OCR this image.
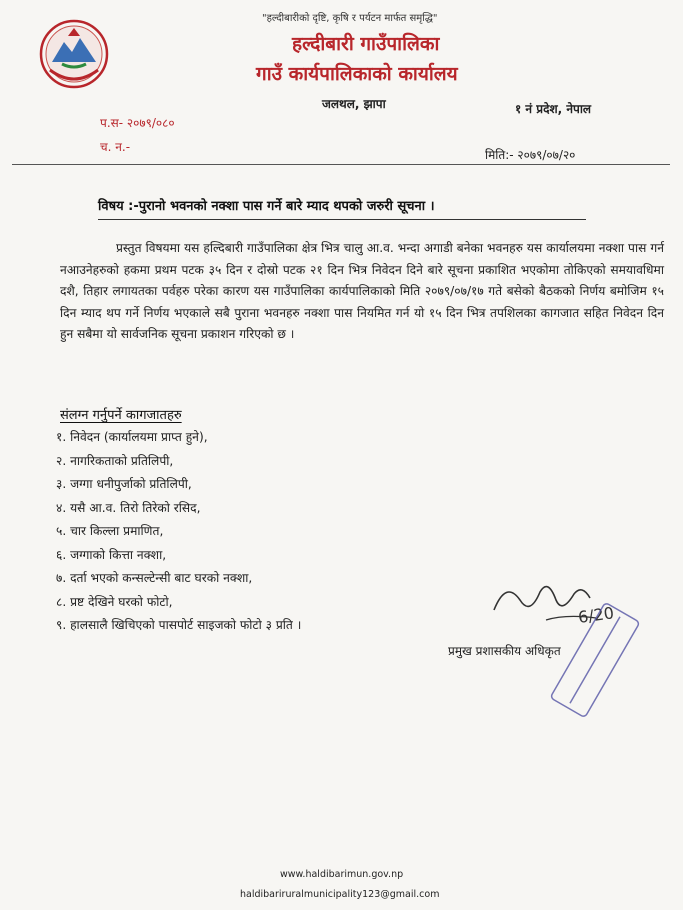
"हल्दीबारीको दृष्टि, कृषि र पर्यटन मार्फत समृद्धि"
हल्दीबारी गाउँपालिका
गाउँ कार्यपालिकाको कार्यालय
जलथल, झापा	१ नं प्रदेश, नेपाल
प.स- २०७९/०८०
च. न.-
मिति:- २०७९/०७/२०
विषय :-पुरानो भवनको नक्शा पास गर्ने बारे म्याद थपको जरुरी सूचना ।

प्रस्तुत विषयमा यस हल्दिबारी गाउँपालिका क्षेत्र भित्र चालु आ.व. भन्दा अगाडी बनेका भवनहरु यस कार्यालयमा नक्शा पास गर्न नआउनेहरुको हकमा प्रथम पटक ३५ दिन र दोस्रो पटक २१ दिन भित्र निवेदन दिने बारे सूचना प्रकाशित भएकोमा तोकिएको समयावधिमा दशै, तिहार लगायतका पर्वहरु परेका कारण यस गाउँपालिका कार्यपालिकाको मिति २०७९/०७/१७ गते बसेको बैठकको निर्णय बमोजिम १५ दिन म्याद थप गर्ने निर्णय भएकाले सबै पुराना भवनहरु नक्शा पास नियमित गर्न यो १५ दिन भित्र तपशिलका कागजात सहित निवेदन दिन हुन सबैमा यो सार्वजनिक सूचना प्रकाशन गरिएको छ ।

संलग्न गर्नुपर्ने कागजातहरु
१. निवेदन (कार्यालयमा प्राप्त हुने),
२. नागरिकताको प्रतिलिपी,
३. जग्गा धनीपुर्जाको प्रतिलिपी,
४. यसै आ.व. तिरो तिरेको रसिद,
५. चार किल्ला प्रमाणित,
६. जग्गाको कित्ता नक्शा,
७. दर्ता भएको कन्सल्टेन्सी बाट घरको नक्शा,
८. प्रष्ट देखिने घरको फोटो,
९. हालसालै खिचिएको पासपोर्ट साइजको फोटो ३ प्रति ।	6/20
प्रमुख प्रशासकीय अधिकृत
www.haldibarimun.gov.np
haldibariruralmunicipality123@gmail.com
